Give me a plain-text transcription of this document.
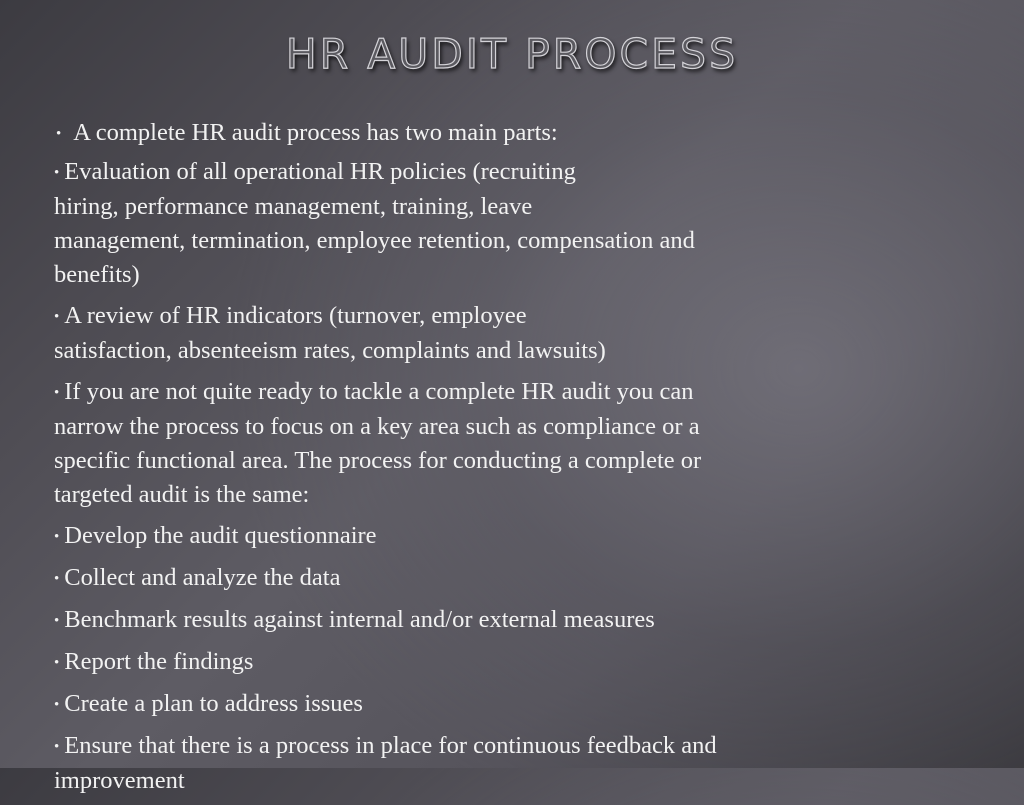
HR AUDIT PROCESS
• A complete HR audit process has two main parts:
• Evaluation of all operational HR policies (recruiting
hiring, performance management, training, leave
management, termination, employee retention, compensation and
benefits)
• A review of HR indicators (turnover, employee
satisfaction, absenteeism rates, complaints and lawsuits)
• If you are not quite ready to tackle a complete HR audit you can
narrow the process to focus on a key area such as compliance or a
specific functional area. The process for conducting a complete or
targeted audit is the same:
• Develop the audit questionnaire
• Collect and analyze the data
• Benchmark results against internal and/or external measures
• Report the findings
• Create a plan to address issues
• Ensure that there is a process in place for continuous feedback and
improvement
